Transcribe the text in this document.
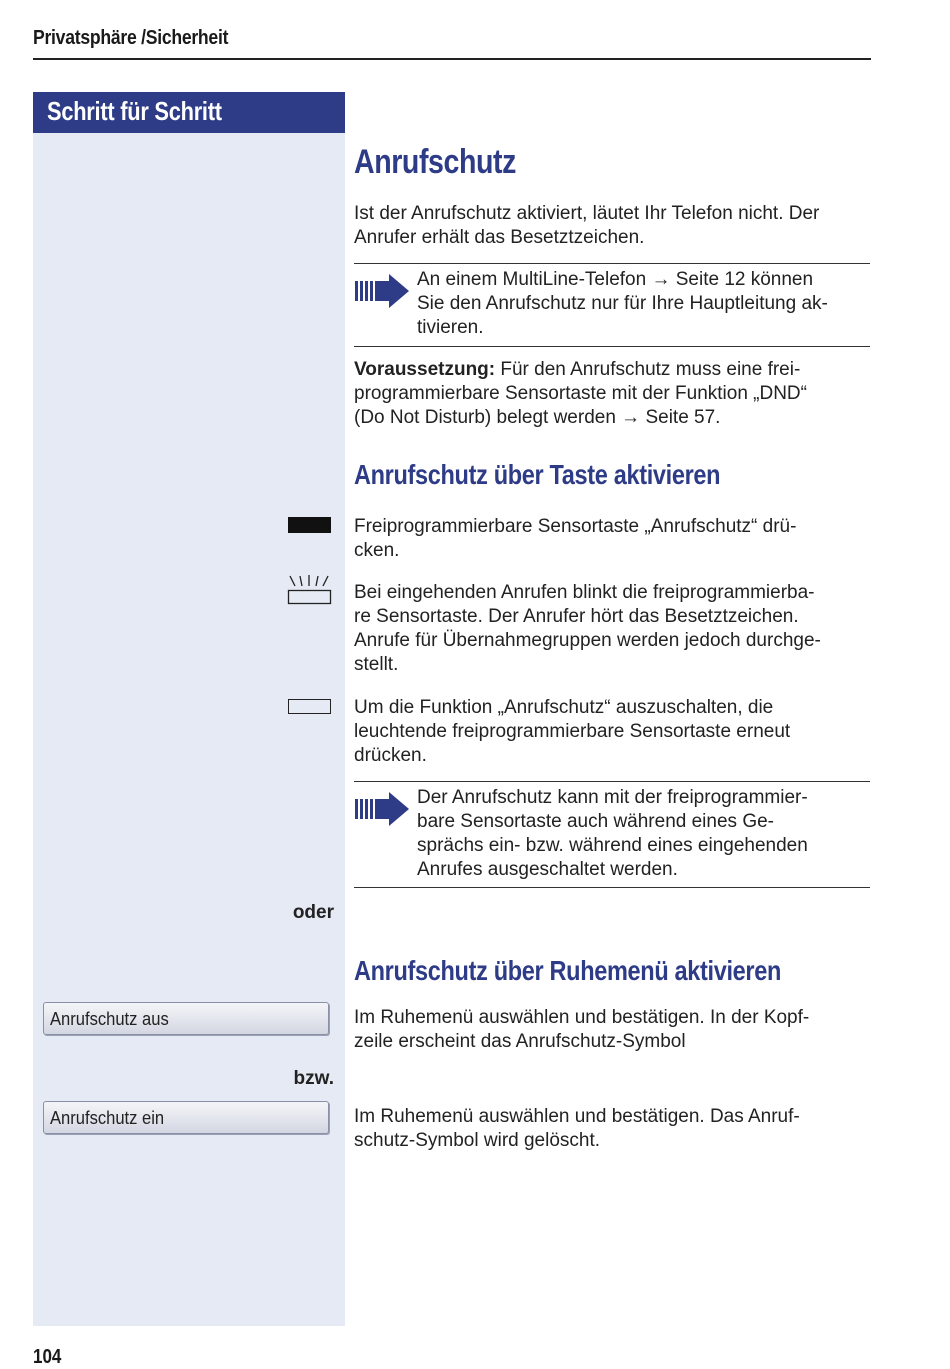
Privatsphäre /Sicherheit
Schritt für Schritt
Anrufschutz
Ist der Anrufschutz aktiviert, läutet Ihr Telefon nicht. Der
Anrufer erhält das Besetztzeichen.
An einem MultiLine-Telefon → Seite 12 können
Sie den Anrufschutz nur für Ihre Hauptleitung ak-
tivieren.
Voraussetzung: Für den Anrufschutz muss eine frei-
programmierbare Sensortaste mit der Funktion „DND“
(Do Not Disturb) belegt werden → Seite 57.
Anrufschutz über Taste aktivieren
Freiprogrammierbare Sensortaste „Anrufschutz“ drü-
cken.
Bei eingehenden Anrufen blinkt die freiprogrammierba-
re Sensortaste. Der Anrufer hört das Besetztzeichen.
Anrufe für Übernahmegruppen werden jedoch durchge-
stellt.
Um die Funktion „Anrufschutz“ auszuschalten, die
leuchtende freiprogrammierbare Sensortaste erneut
drücken.
Der Anrufschutz kann mit der freiprogrammier-
bare Sensortaste auch während eines Ge-
sprächs ein- bzw. während eines eingehenden
Anrufes ausgeschaltet werden.
oder
Anrufschutz über Ruhemenü aktivieren
Anrufschutz aus	Im Ruhemenü auswählen und bestätigen. In der Kopf-
zeile erscheint das Anrufschutz-Symbol
bzw.
Anrufschutz ein	Im Ruhemenü auswählen und bestätigen. Das Anruf-
schutz-Symbol wird gelöscht.
104
